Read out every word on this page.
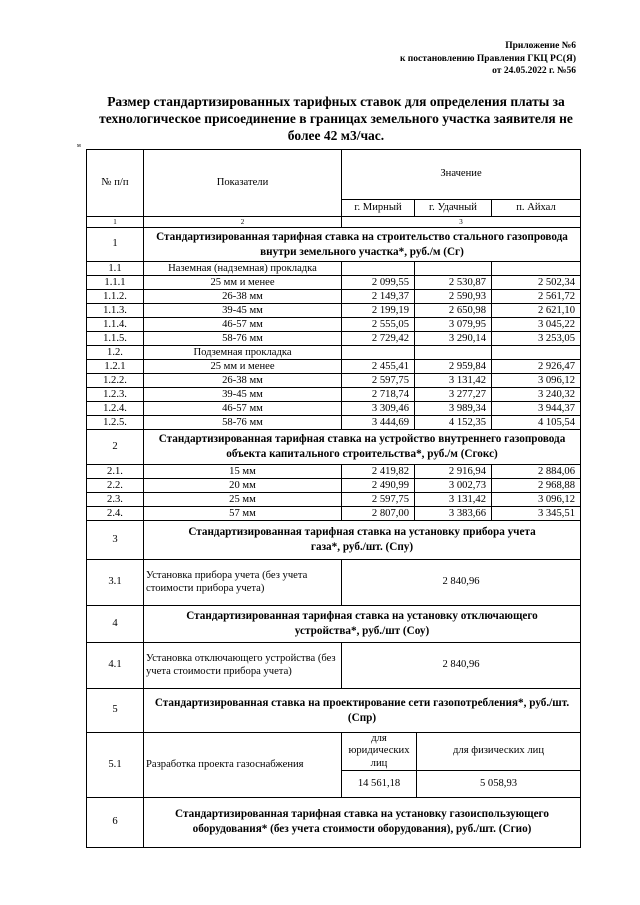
Приложение №6
к постановлению Правления ГКЦ РС(Я)
от 24.05.2022 г. №56
Размер стандартизированных тарифных ставок для определения платы за технологическое присоединение в границах земельного участка заявителя не более 42 м3/час.
м
№ п/п	Показатели	Значение			
		г. Мирный	г. Удачный		п. Айхал
1	2	3			
1	Стандартизированная тарифная ставка на строительство стального газопровода внутри земельного участка*, руб./м (Сг)				
1.1	Наземная (надземная) прокладка				
1.1.1	25 мм и менее	2 099,55	2 530,87		2 502,34
1.1.2.	26-38 мм	2 149,37	2 590,93		2 561,72
1.1.3.	39-45 мм	2 199,19	2 650,98		2 621,10
1.1.4.	46-57 мм	2 555,05	3 079,95		3 045,22
1.1.5.	58-76 мм	2 729,42	3 290,14		3 253,05
1.2.	Подземная прокладка				
1.2.1	25 мм и менее	2 455,41	2 959,84		2 926,47
1.2.2.	26-38 мм	2 597,75	3 131,42		3 096,12
1.2.3.	39-45 мм	2 718,74	3 277,27		3 240,32
1.2.4.	46-57 мм	3 309,46	3 989,34		3 944,37
1.2.5.	58-76 мм	3 444,69	4 152,35		4 105,54
2	Стандартизированная тарифная ставка на устройство внутреннего газопровода объекта капитального строительства*, руб./м (Сгокс)				
2.1.	15 мм	2 419,82	2 916,94		2 884,06
2.2.	20 мм	2 490,99	3 002,73		2 968,88
2.3.	25 мм	2 597,75	3 131,42		3 096,12
2.4.	57 мм	2 807,00	3 383,66		3 345,51
3	Стандартизированная тарифная ставка на установку прибора учета газа*, руб./шт. (Спу)				
3.1	Установка прибора учета (без учета стоимости прибора учета)	2 840,96			
4	Стандартизированная тарифная ставка на установку отключающего устройства*, руб./шт (Соу)				
4.1	Установка отключающего устройства (без учета стоимости прибора учета)	2 840,96			
5	Стандартизированная ставка на проектирование сети газопотребления*, руб./шт. (Спр)				
5.1	Разработка проекта газоснабжения	для юридических лиц		для физических лиц	
		14 561,18		5 058,93	
6	Стандартизированная тарифная ставка на установку газоиспользующего оборудования* (без учета стоимости оборудования), руб./шт. (Сгио)				
